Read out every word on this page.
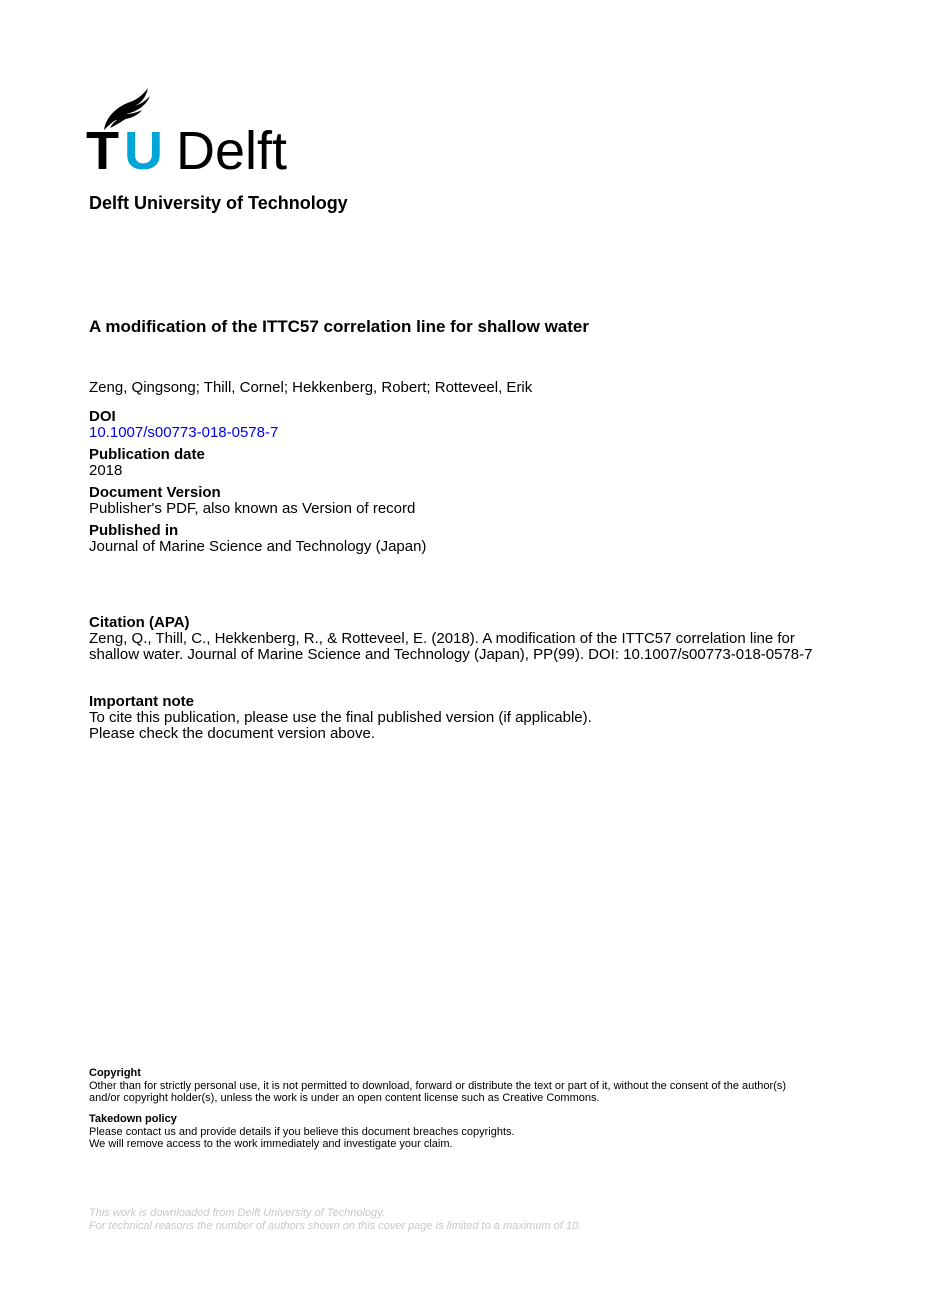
T U Delft
Delft University of Technology
A modification of the ITTC57 correlation line for shallow water
Zeng, Qingsong; Thill, Cornel; Hekkenberg, Robert; Rotteveel, Erik
DOI
10.1007/s00773-018-0578-7
Publication date
2018
Document Version
Publisher's PDF, also known as Version of record
Published in
Journal of Marine Science and Technology (Japan)
Citation (APA)
Zeng, Q., Thill, C., Hekkenberg, R., & Rotteveel, E. (2018). A modification of the ITTC57 correlation line for shallow water. Journal of Marine Science and Technology (Japan), PP(99). DOI: 10.1007/s00773-018-0578-7
Important note
To cite this publication, please use the final published version (if applicable).
Please check the document version above.
Copyright
Other than for strictly personal use, it is not permitted to download, forward or distribute the text or part of it, without the consent of the author(s) and/or copyright holder(s), unless the work is under an open content license such as Creative Commons.
Takedown policy
Please contact us and provide details if you believe this document breaches copyrights.
We will remove access to the work immediately and investigate your claim.
This work is downloaded from Delft University of Technology.
For technical reasons the number of authors shown on this cover page is limited to a maximum of 10.
